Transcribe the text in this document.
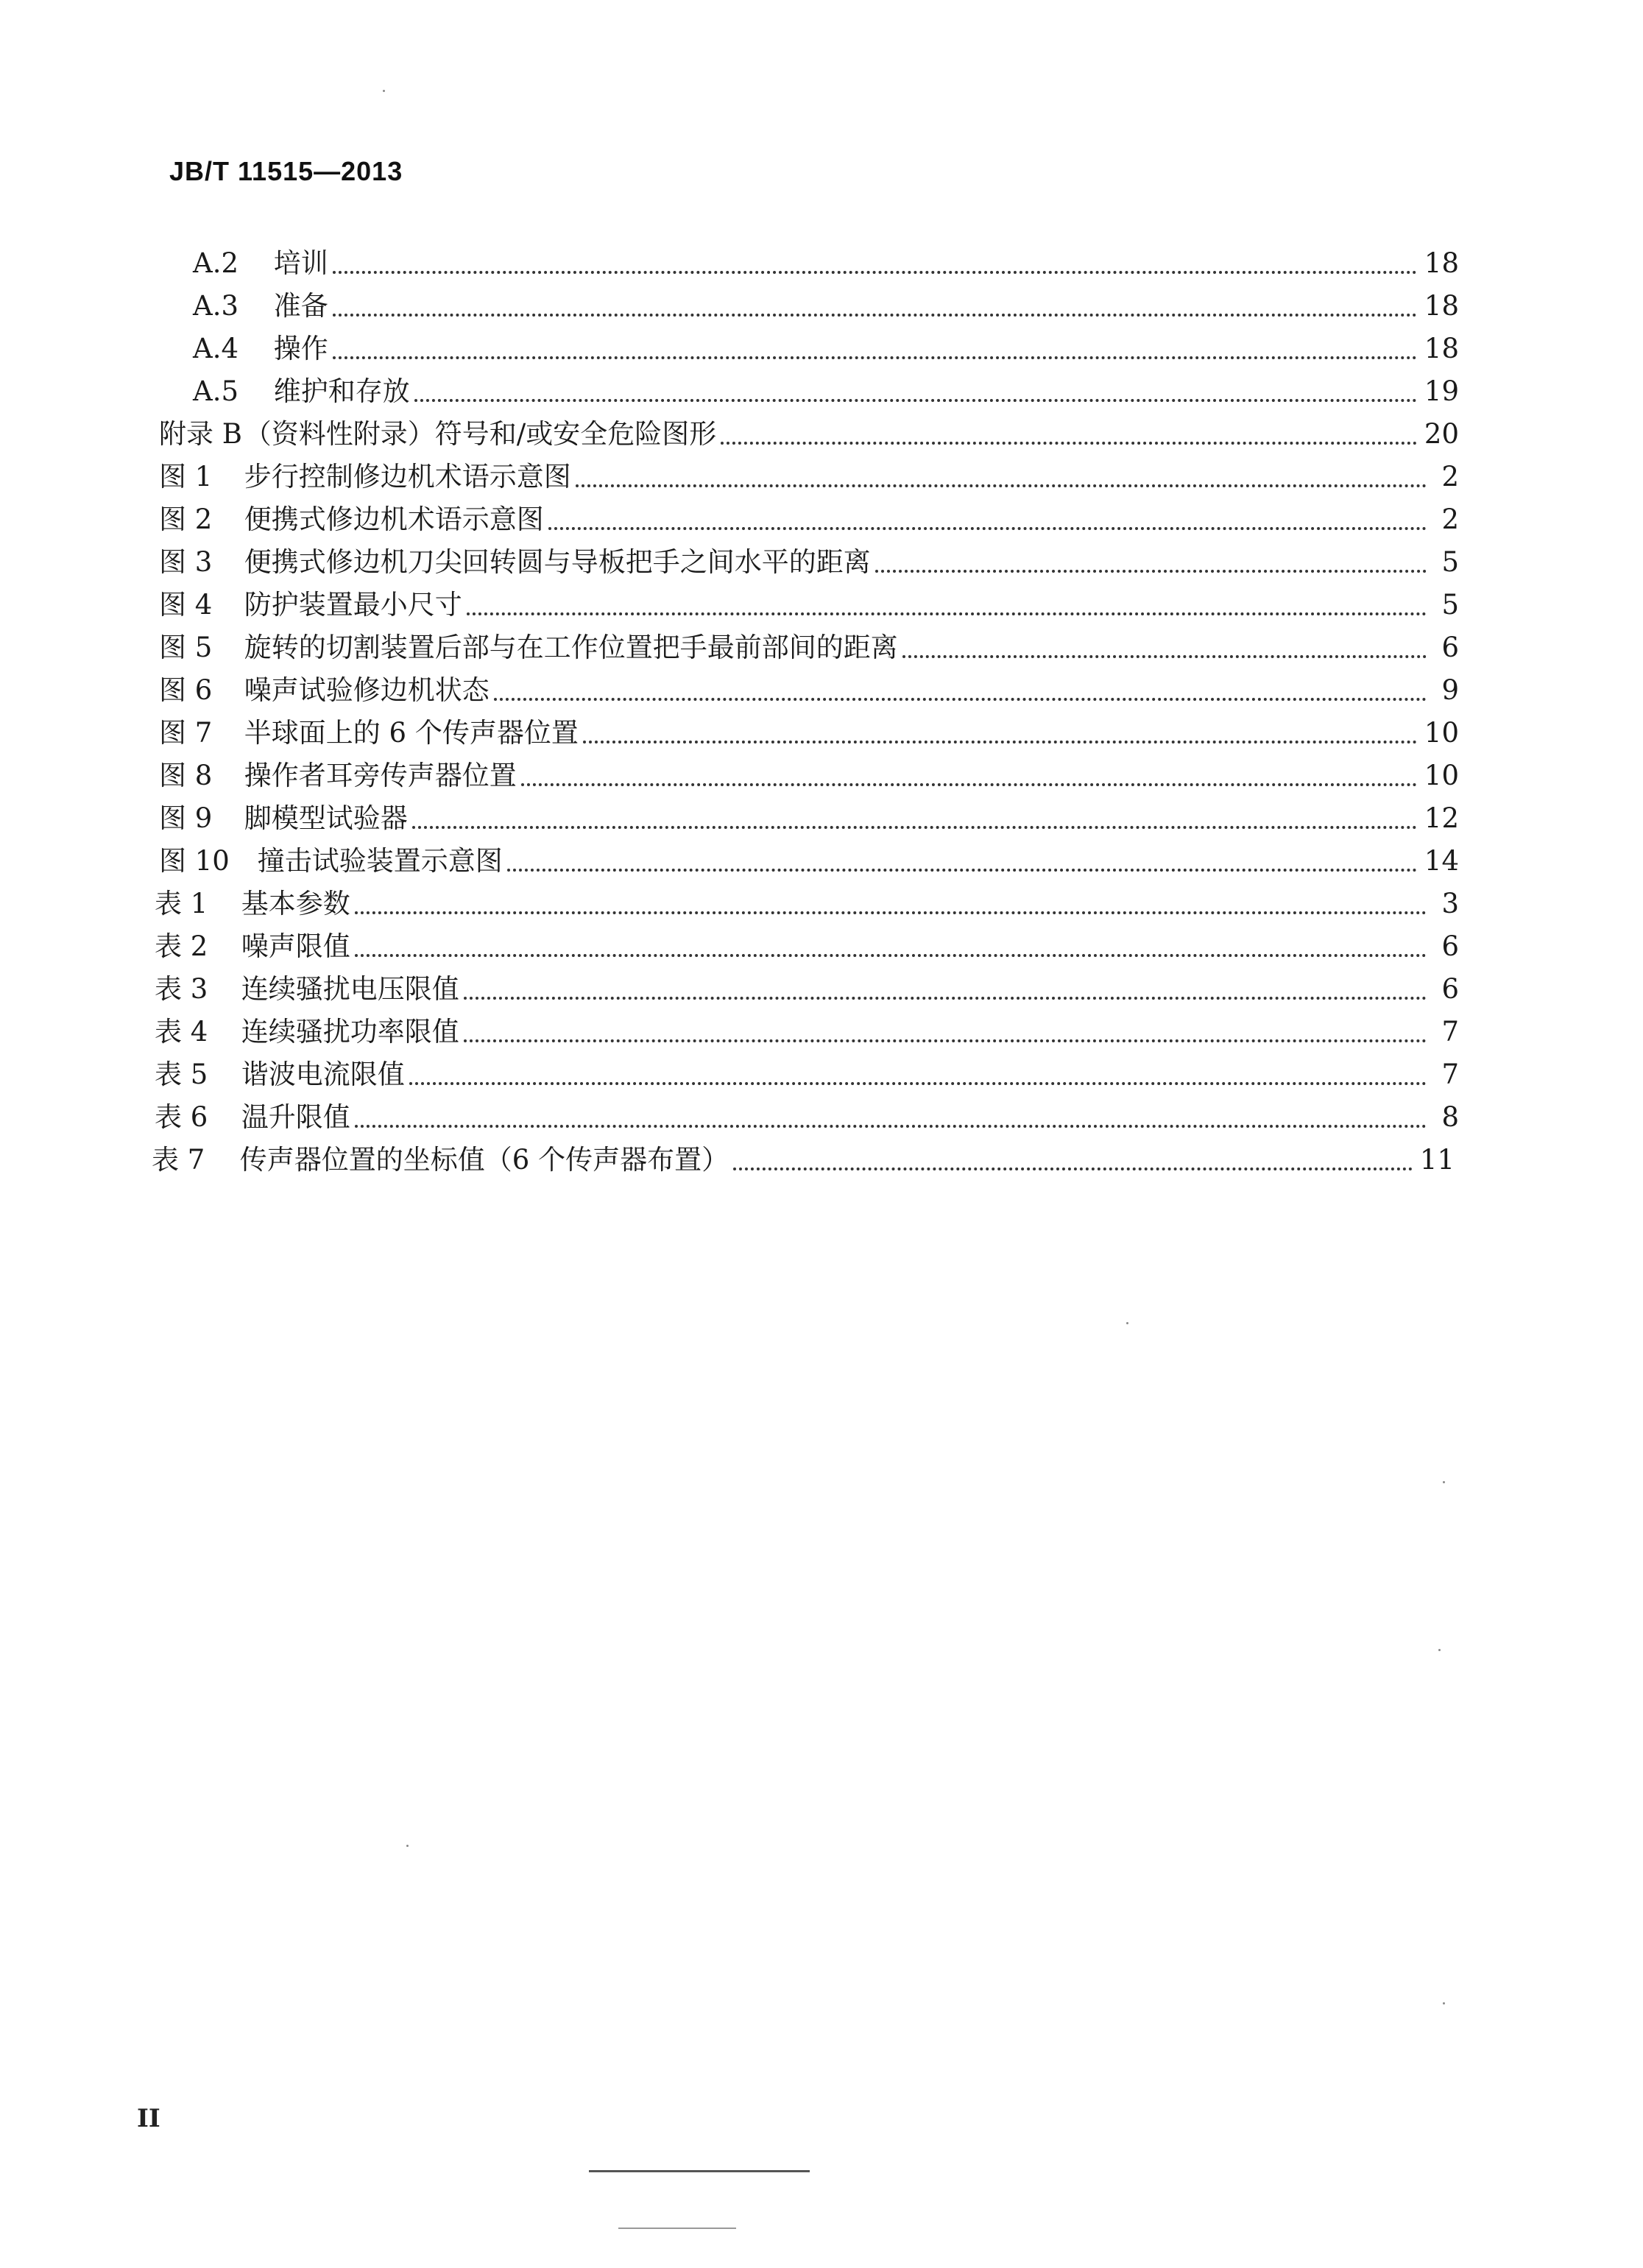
JB/T 11515—2013
A.2 培训	18
A.3 准备	18
A.4 操作	18
A.5 维护和存放	19
附录 B （资料性附录）符号和/或安全危险图形	20
图 1 步行控制修边机术语示意图	2
图 2 便携式修边机术语示意图	2
图 3 便携式修边机刀尖回转圆与导板把手之间水平的距离	5
图 4 防护装置最小尺寸	5
图 5 旋转的切割装置后部与在工作位置把手最前部间的距离	6
图 6 噪声试验修边机状态	9
图 7 半球面上的 6 个传声器位置	10
图 8 操作者耳旁传声器位置	10
图 9 脚模型试验器	12
图 10 撞击试验装置示意图	14
表 1 基本参数	3
表 2 噪声限值	6
表 3 连续骚扰电压限值	6
表 4 连续骚扰功率限值	7
表 5 谐波电流限值	7
表 6 温升限值	8
表 7 传声器位置的坐标值（6 个传声器布置）	11
II
